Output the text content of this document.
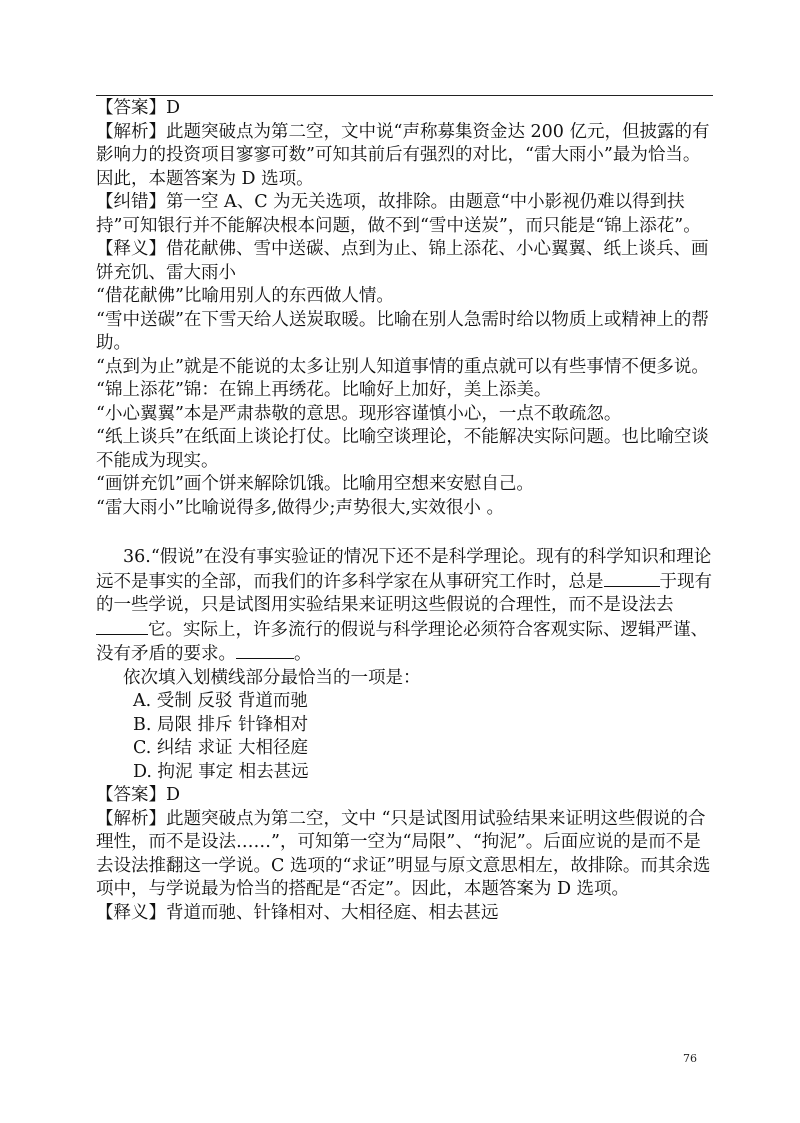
【答案】D

【解析】此题突破点为第二空，文中说“声称募集资金达 200 亿元，但披露的有影响力的投资项目寥寥可数”可知其前后有强烈的对比，“雷大雨小”最为恰当。因此，本题答案为 D 选项。

【纠错】第一空 A、C 为无关选项，故排除。由题意“中小影视仍难以得到扶持”可知银行并不能解决根本问题，做不到“雪中送炭”，而只能是“锦上添花”。

【释义】借花献佛、雪中送碳、点到为止、锦上添花、小心翼翼、纸上谈兵、画饼充饥、雷大雨小

“借花献佛”比喻用别人的东西做人情。

“雪中送碳”在下雪天给人送炭取暖。比喻在别人急需时给以物质上或精神上的帮助。

“点到为止”就是不能说的太多让别人知道事情的重点就可以有些事情不便多说。

“锦上添花”锦：在锦上再绣花。比喻好上加好，美上添美。

“小心翼翼”本是严肃恭敬的意思。现形容谨慎小心，一点不敢疏忽。

“纸上谈兵”在纸面上谈论打仗。比喻空谈理论，不能解决实际问题。也比喻空谈不能成为现实。

“画饼充饥”画个饼来解除饥饿。比喻用空想来安慰自己。

“雷大雨小”比喻说得多,做得少;声势很大,实效很小 。

36.“假说”在没有事实验证的情况下还不是科学理论。现有的科学知识和理论远不是事实的全部，而我们的许多科学家在从事研究工作时，总是	于现有的一些学说，只是试图用实验结果来证明这些假说的合理性，而不是设法去它。实际上，许多流行的假说与科学理论必须符合客观实际、逻辑严谨、没有矛盾的要求。	。

依次填入划横线部分最恰当的一项是：

A. 受制 反驳 背道而驰

B. 局限 排斥 针锋相对

C. 纠结 求证 大相径庭

D. 拘泥 事定 相去甚远

【答案】D

【解析】此题突破点为第二空，文中 “只是试图用试验结果来证明这些假说的合理性，而不是设法……”，可知第一空为“局限”、“拘泥”。后面应说的是而不是去设法推翻这一学说。C 选项的“求证”明显与原文意思相左，故排除。而其余选项中，与学说最为恰当的搭配是“否定”。因此，本题答案为 D 选项。

【释义】背道而驰、针锋相对、大相径庭、相去甚远

76
